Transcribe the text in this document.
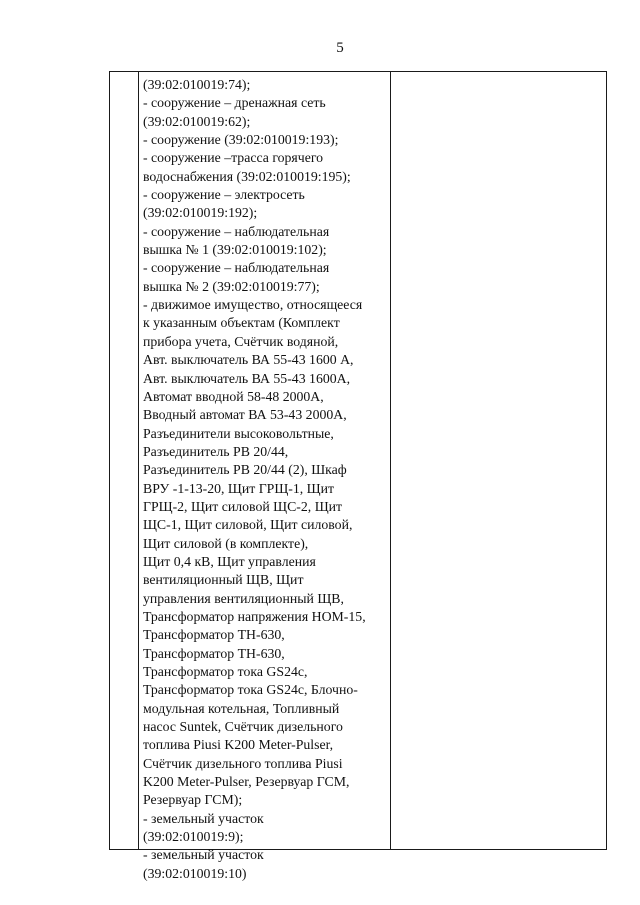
5
(39:02:010019:74);
- сооружение – дренажная сеть
(39:02:010019:62);
- сооружение (39:02:010019:193);
- сооружение –трасса горячего
водоснабжения (39:02:010019:195);
- сооружение – электросеть
(39:02:010019:192);
- сооружение – наблюдательная
вышка № 1 (39:02:010019:102);
- сооружение – наблюдательная
вышка № 2 (39:02:010019:77);
- движимое имущество, относящееся
к указанным объектам (Комплект
прибора учета, Счётчик водяной,
Авт. выключатель ВА 55-43 1600 А,
Авт. выключатель ВА 55-43 1600А,
Автомат вводной 58-48 2000А,
Вводный автомат ВА 53-43 2000А,
Разъединители высоковольтные,
Разъединитель РВ 20/44,
Разъединитель РВ 20/44 (2), Шкаф
ВРУ -1-13-20, Щит ГРЩ-1, Щит
ГРЩ-2, Щит силовой ЩС-2, Щит
ЩС-1, Щит силовой, Щит силовой,
Щит силовой (в комплекте),
Щит 0,4 кВ, Щит управления
вентиляционный ЩВ, Щит
управления вентиляционный ЩВ,
Трансформатор напряжения НОМ-15,
Трансформатор ТН-630,
Трансформатор ТН-630,
Трансформатор тока GS24c,
Трансформатор тока GS24c, Блочно-
модульная котельная, Топливный
насос Suntek, Счётчик дизельного
топлива Piusi K200 Meter-Pulser,
Счётчик дизельного топлива Piusi
K200 Meter-Pulser, Резервуар ГСМ,
Резервуар ГСМ);
- земельный участок
(39:02:010019:9);
- земельный участок
(39:02:010019:10)
